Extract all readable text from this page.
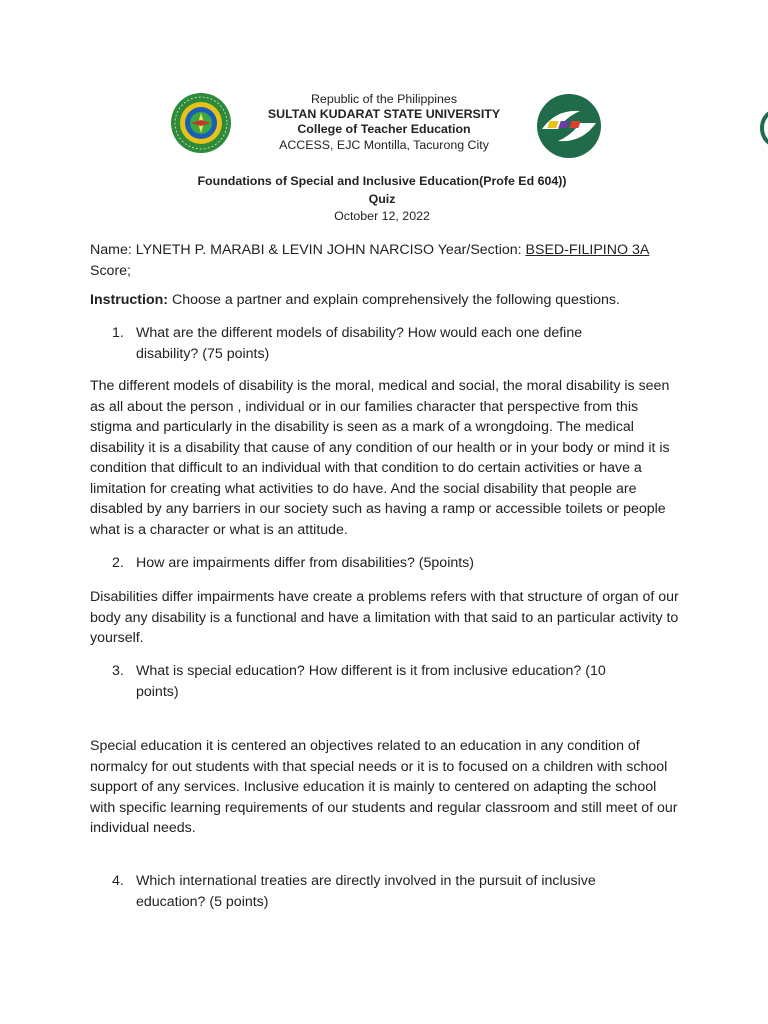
Republic of the Philippines
SULTAN KUDARAT STATE UNIVERSITY
College of Teacher Education
ACCESS, EJC Montilla, Tacurong City
Foundations of Special and Inclusive Education(Profe Ed 604))
Quiz
October 12, 2022
Name: LYNETH P. MARABI & LEVIN JOHN NARCISO Year/Section: BSED-FILIPINO 3A
Score;
Instruction: Choose a partner and explain comprehensively the following questions.
1. What are the different models of disability? How would each one define disability? (75 points)
The different models of disability is the moral, medical and social, the moral disability is seen as all about the person , individual or in our families character that perspective from this stigma and particularly in the disability is seen as a mark of a wrongdoing. The medical disability it is a disability that cause of any condition of our health or in your body or mind it is condition that difficult to an individual with that condition to do certain activities or have a limitation for creating what activities to do have. And the social disability that people are disabled by any barriers in our society such as having a ramp or accessible toilets or people what is a character or what is an attitude.
2. How are impairments differ from disabilities? (5points)
Disabilities differ impairments have create a problems refers with that structure of organ of our body any disability is a functional and have a limitation with that said to an particular activity to yourself.
3. What is special education? How different is it from inclusive education? (10 points)
Special education it is centered an objectives related to an education in any condition of normalcy for out students with that special needs or it is to focused on a children with school support of any services. Inclusive education it is mainly to centered on adapting the school with specific learning requirements of our students and regular classroom and still meet of our individual needs.
4. Which international treaties are directly involved in the pursuit of inclusive education? (5 points)
